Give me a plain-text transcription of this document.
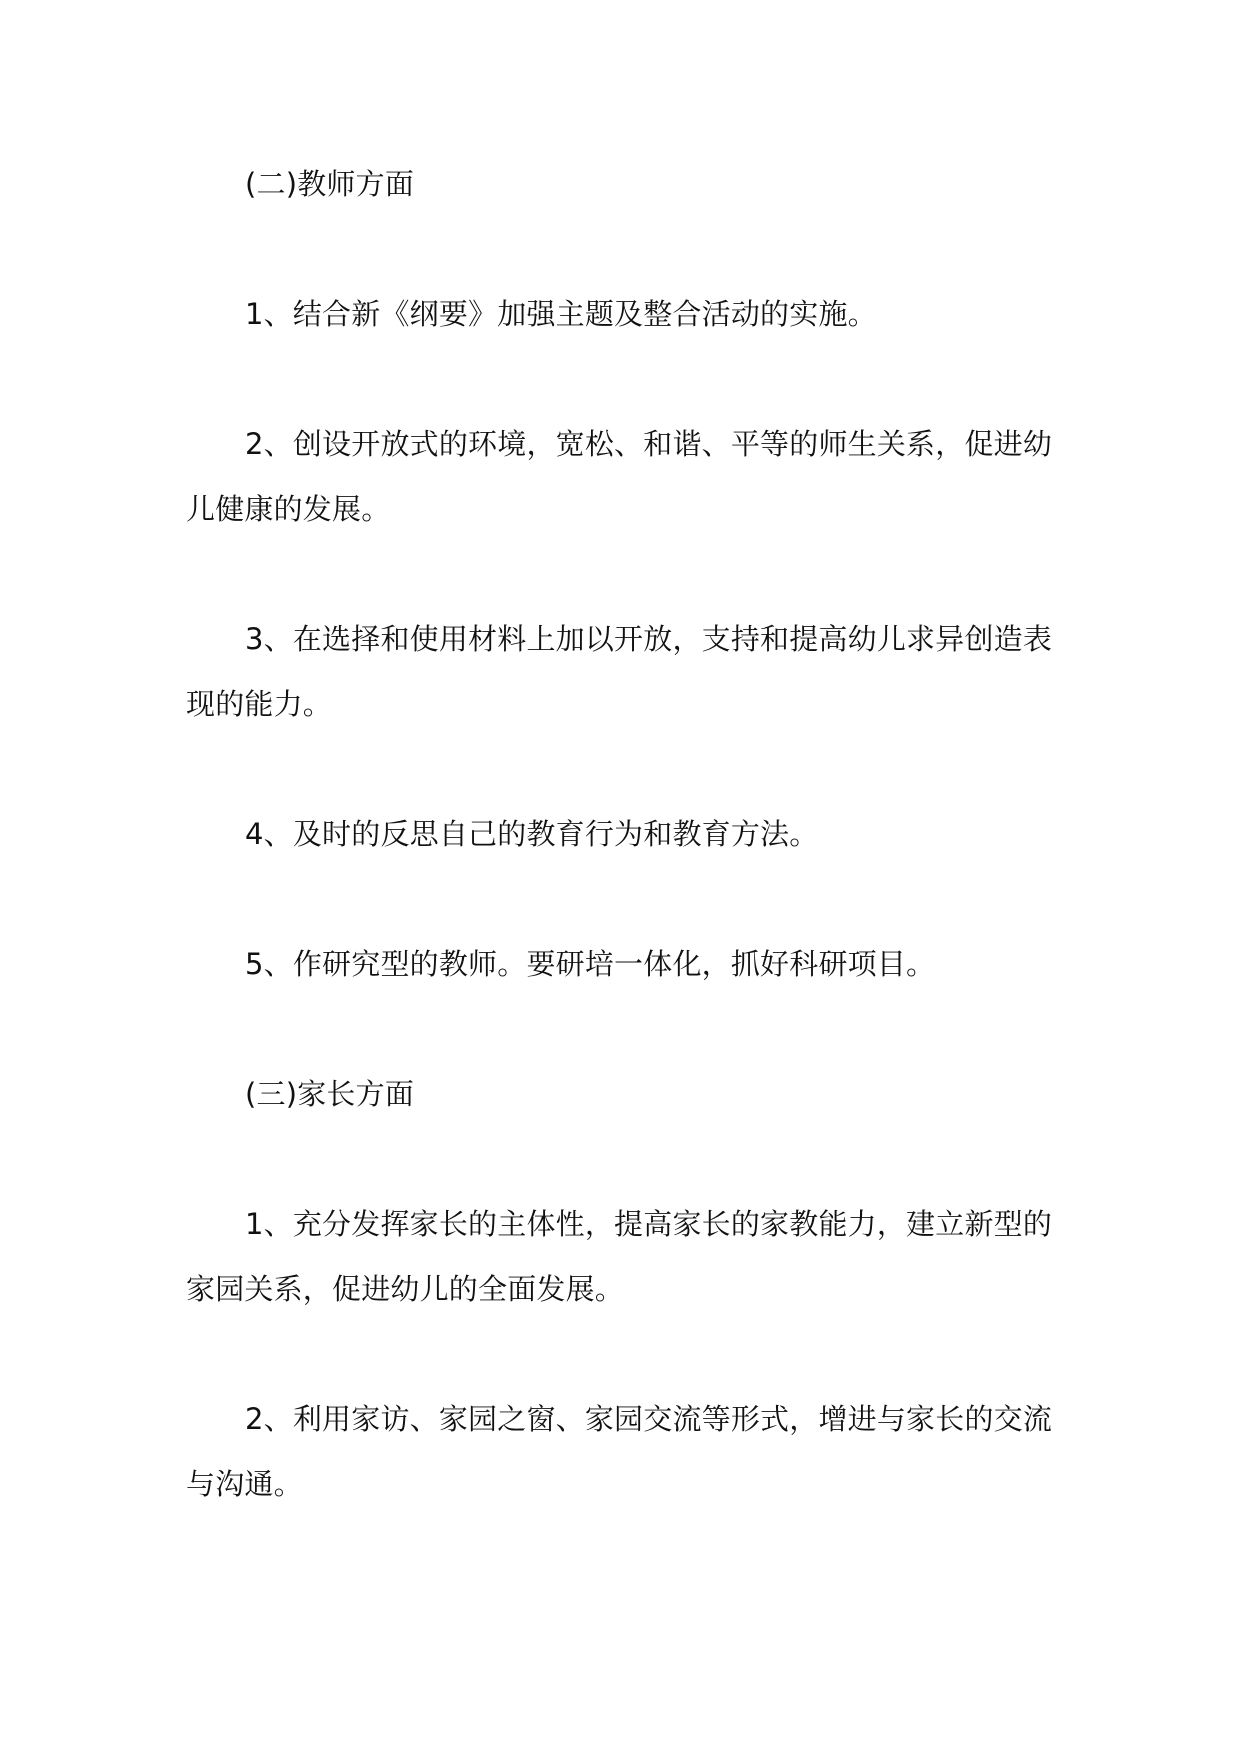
(二)教师方面

1、结合新《纲要》加强主题及整合活动的实施。

2、创设开放式的环境，宽松、和谐、平等的师生关系，促进幼儿健康的发展。

3、在选择和使用材料上加以开放，支持和提高幼儿求异创造表现的能力。

4、及时的反思自己的教育行为和教育方法。

5、作研究型的教师。要研培一体化，抓好科研项目。

(三)家长方面

1、充分发挥家长的主体性，提高家长的家教能力，建立新型的家园关系，促进幼儿的全面发展。

2、利用家访、家园之窗、家园交流等形式，增进与家长的交流与沟通。
